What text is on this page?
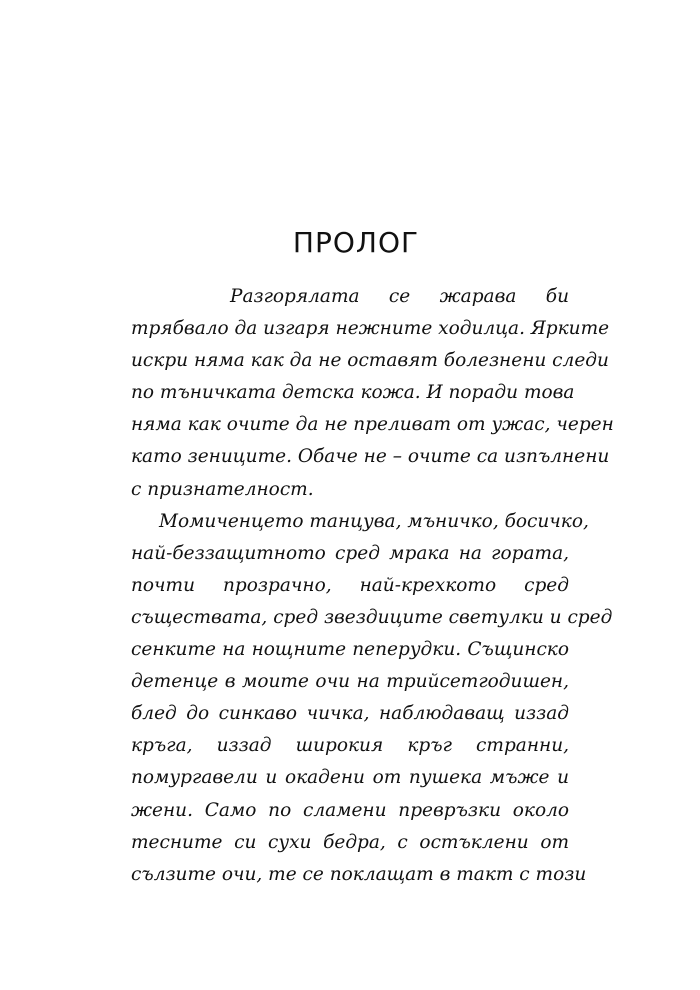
ПРОЛОГ
Разгорялата се жарава би
трябвало да изгаря нежните ходилца. Ярките
искри няма как да не оставят болезнени следи
по тъничката детска кожа. И поради това
няма как очите да не преливат от ужас, черен
като зениците. Обаче не – очите са изпълнени
с признателност.
Момиченцето танцува, мъничко, босичко,
най-беззащитното сред мрака на гората,
почти прозрачно, най-крехкото сред
съществата, сред звездиците светулки и сред
сенките на нощните пеперудки. Същинско
детенце в моите очи на трийсетгодишен,
блед до синкаво чичка, наблюдаващ иззад
кръга, иззад широкия кръг странни,
помургавели и окадени от пушека мъже и
жени. Само по сламени превръзки около
тесните си сухи бедра, с остъклени от
сълзите очи, те се поклащат в такт с този
